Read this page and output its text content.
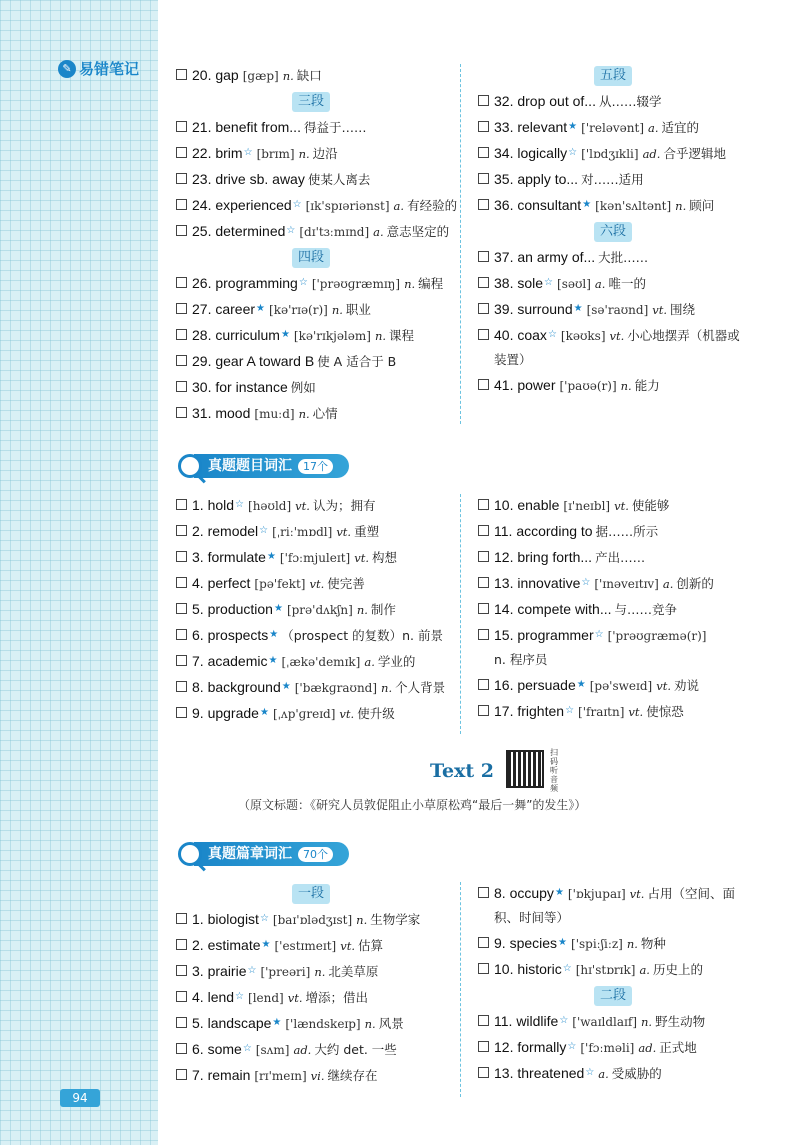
✎ 易错笔记
94
20. gap [gæp] n. 缺口
三段
21. benefit from... 得益于……
22. brim☆ [brɪm] n. 边沿
23. drive sb. away 使某人离去
24. experienced☆ [ɪk'spɪəriənst] a. 有经验的
25. determined☆ [dɪ'tɜːmɪnd] a. 意志坚定的
四段
26. programming☆ ['prəʊɡræmɪŋ] n. 编程
27. career★ [kə'rɪə(r)] n. 职业
28. curriculum★ [kə'rɪkjələm] n. 课程
29. gear A toward B 使 A 适合于 B
30. for instance 例如
31. mood [muːd] n. 心情
五段
32. drop out of... 从……辍学
33. relevant★ ['reləvənt] a. 适宜的
34. logically☆ ['lɒdʒɪkli] ad. 合乎逻辑地
35. apply to... 对……适用
36. consultant★ [kən'sʌltənt] n. 顾问
六段
37. an army of... 大批……
38. sole☆ [səʊl] a. 唯一的
39. surround★ [sə'raʊnd] vt. 围绕
40. coax☆ [kəʊks] vt. 小心地摆弄（机器或
装置）
41. power ['paʊə(r)] n. 能力
真题题目词汇	17个
1. hold☆ [həʊld] vt. 认为；拥有
2. remodel☆ [ˌriː'mɒdl] vt. 重塑
3. formulate★ ['fɔːmjuleɪt] vt. 构想
4. perfect [pə'fekt] vt. 使完善
5. production★ [prə'dʌkʃn] n. 制作
6. prospects★ （prospect 的复数）n. 前景
7. academic★ [ˌækə'demɪk] a. 学业的
8. background★ ['bækɡraʊnd] n. 个人背景
9. upgrade★ [ˌʌp'ɡreɪd] vt. 使升级
10. enable [ɪ'neɪbl] vt. 使能够
11. according to 据……所示
12. bring forth... 产出……
13. innovative☆ ['ɪnəveɪtɪv] a. 创新的
14. compete with... 与……竞争
15. programmer☆ ['prəʊɡræmə(r)]
n. 程序员
16. persuade★ [pə'sweɪd] vt. 劝说
17. frighten☆ ['fraɪtn] vt. 使惊恐
Text 2
扫码听音频
（原文标题：《研究人员敦促阻止小草原松鸡“最后一舞”的发生》）
真题篇章词汇	70个
一段
1. biologist☆ [baɪ'ɒlədʒɪst] n. 生物学家
2. estimate★ ['estɪmeɪt] vt. 估算
3. prairie☆ ['preəri] n. 北美草原
4. lend☆ [lend] vt. 增添；借出
5. landscape★ ['lændskeɪp] n. 风景
6. some☆ [sʌm] ad. 大约 det. 一些
7. remain [rɪ'meɪn] vi. 继续存在
8. occupy★ ['ɒkjupaɪ] vt. 占用（空间、面
积、时间等）
9. species★ ['spiːʃiːz] n. 物种
10. historic☆ [hɪ'stɒrɪk] a. 历史上的
二段
11. wildlife☆ ['waɪldlaɪf] n. 野生动物
12. formally☆ ['fɔːməli] ad. 正式地
13. threatened☆ a. 受威胁的
